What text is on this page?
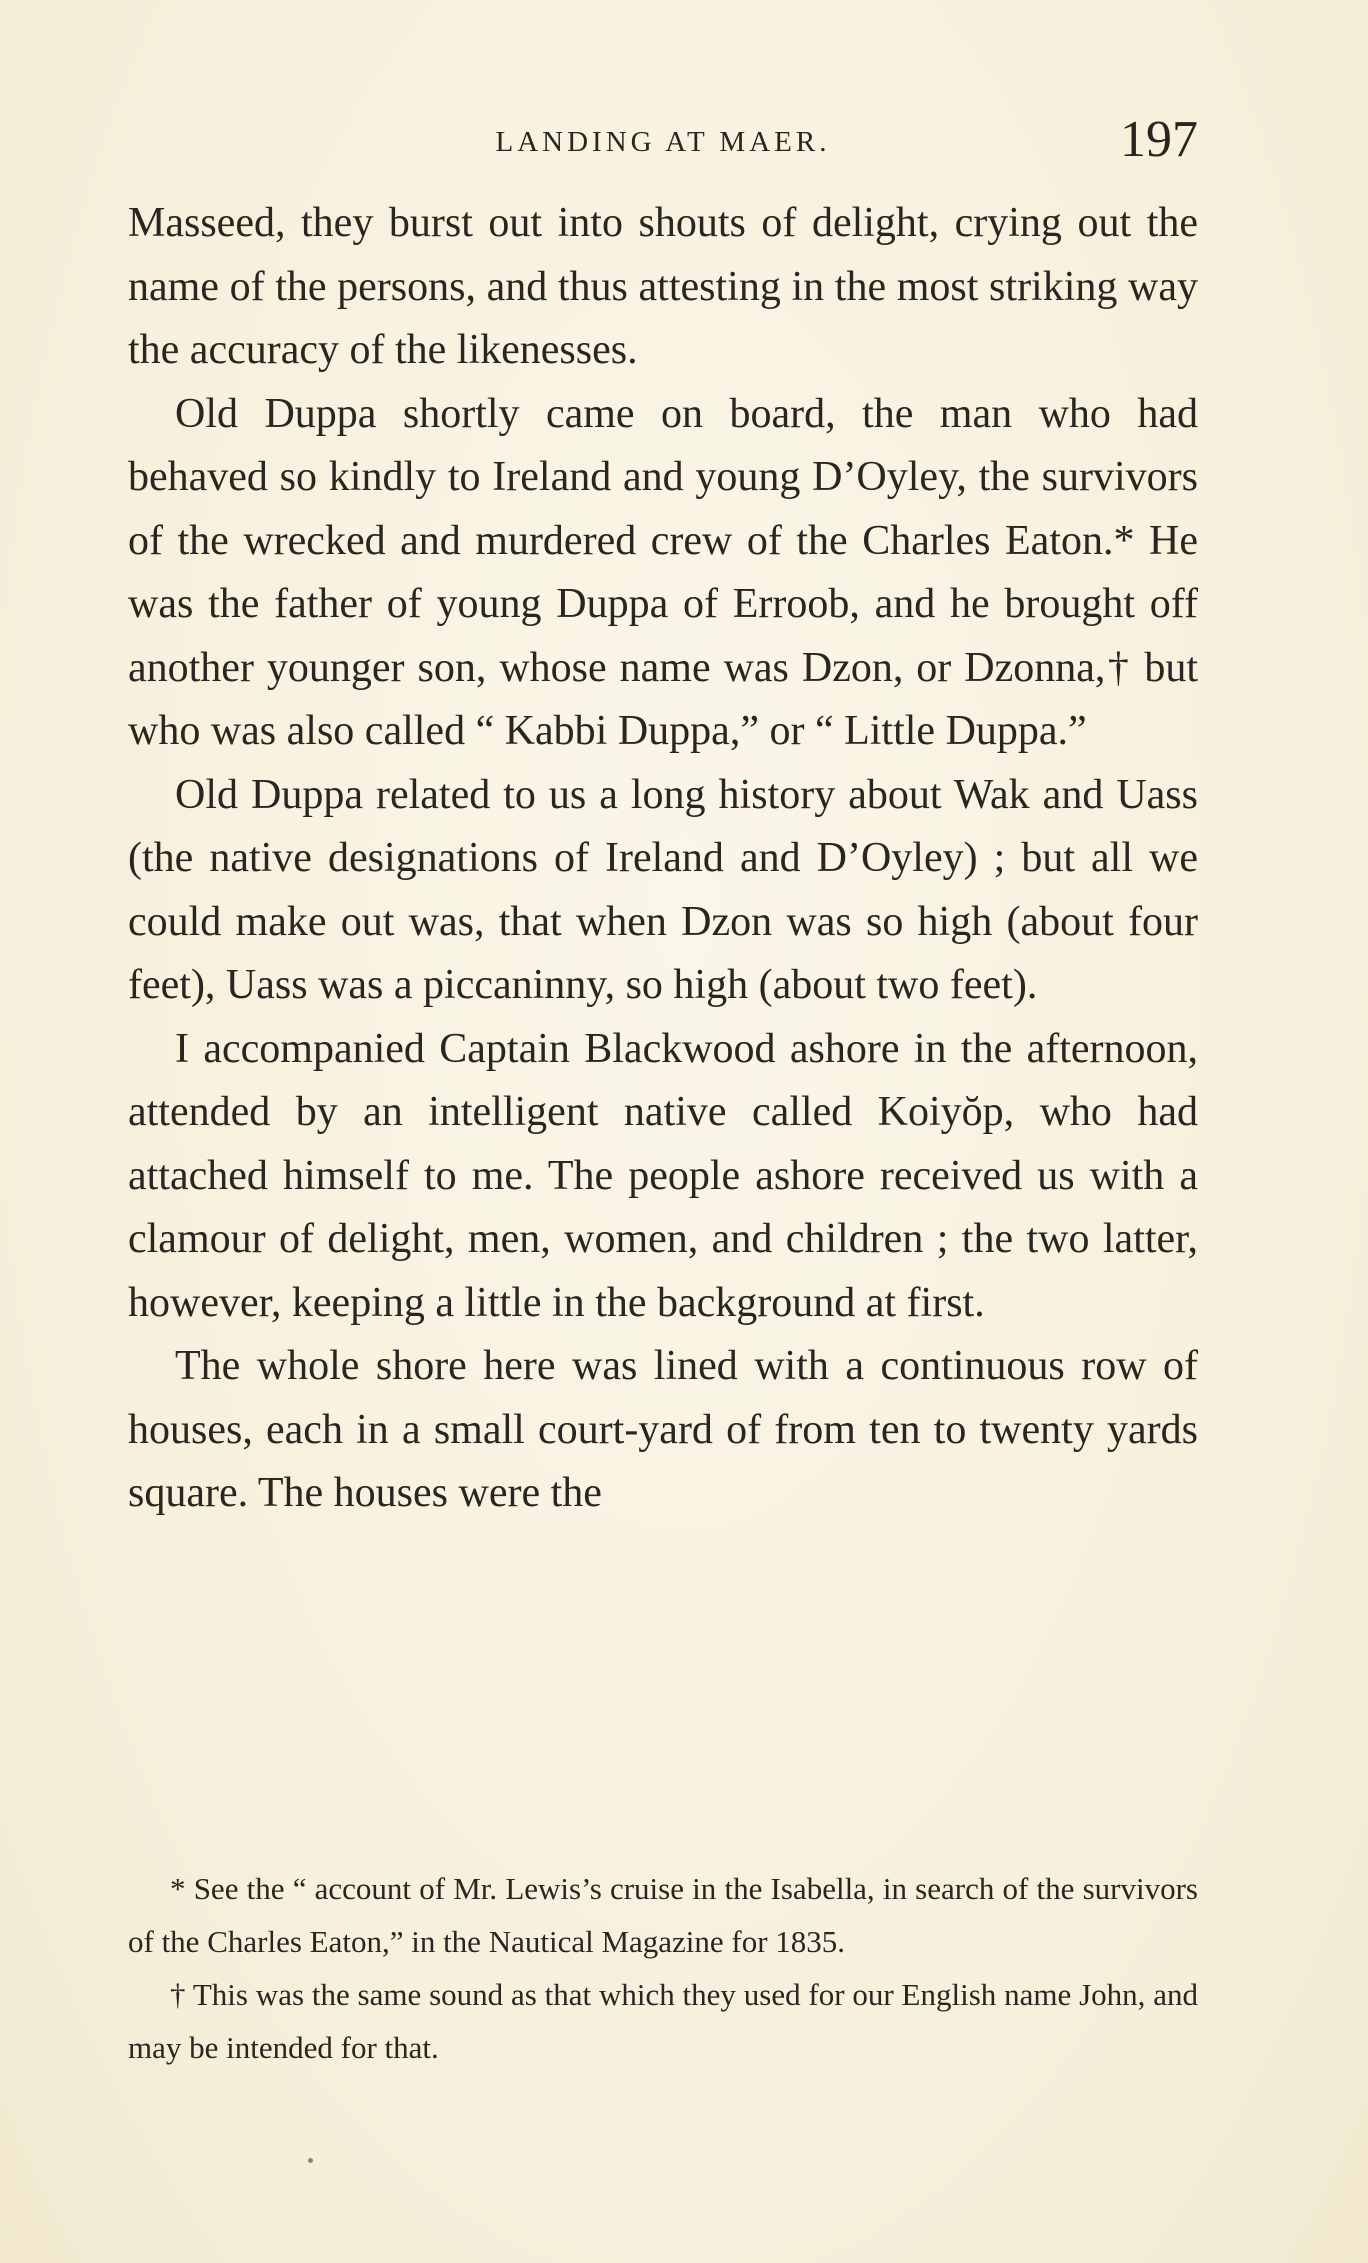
LANDING AT MAER.	197

Masseed, they burst out into shouts of delight, crying out the name of the persons, and thus attesting in the most striking way the accuracy of the likenesses.

Old Duppa shortly came on board, the man who had behaved so kindly to Ireland and young D’Oyley, the survivors of the wrecked and murdered crew of the Charles Eaton.* He was the father of young Duppa of Erroob, and he brought off another younger son, whose name was Dzon, or Dzonna,† but who was also called “ Kabbi Duppa,” or “ Little Duppa.”

Old Duppa related to us a long history about Wak and Uass (the native designations of Ireland and D’Oyley) ; but all we could make out was, that when Dzon was so high (about four feet), Uass was a piccaninny, so high (about two feet).

I accompanied Captain Blackwood ashore in the afternoon, attended by an intelligent native called Koiyŏp, who had attached himself to me. The people ashore received us with a clamour of delight, men, women, and children ; the two latter, however, keeping a little in the background at first.

The whole shore here was lined with a continuous row of houses, each in a small court-yard of from ten to twenty yards square. The houses were the

* See the “ account of Mr. Lewis’s cruise in the Isabella, in search of the survivors of the Charles Eaton,” in the Nautical Magazine for 1835.

† This was the same sound as that which they used for our English name John, and may be intended for that.
